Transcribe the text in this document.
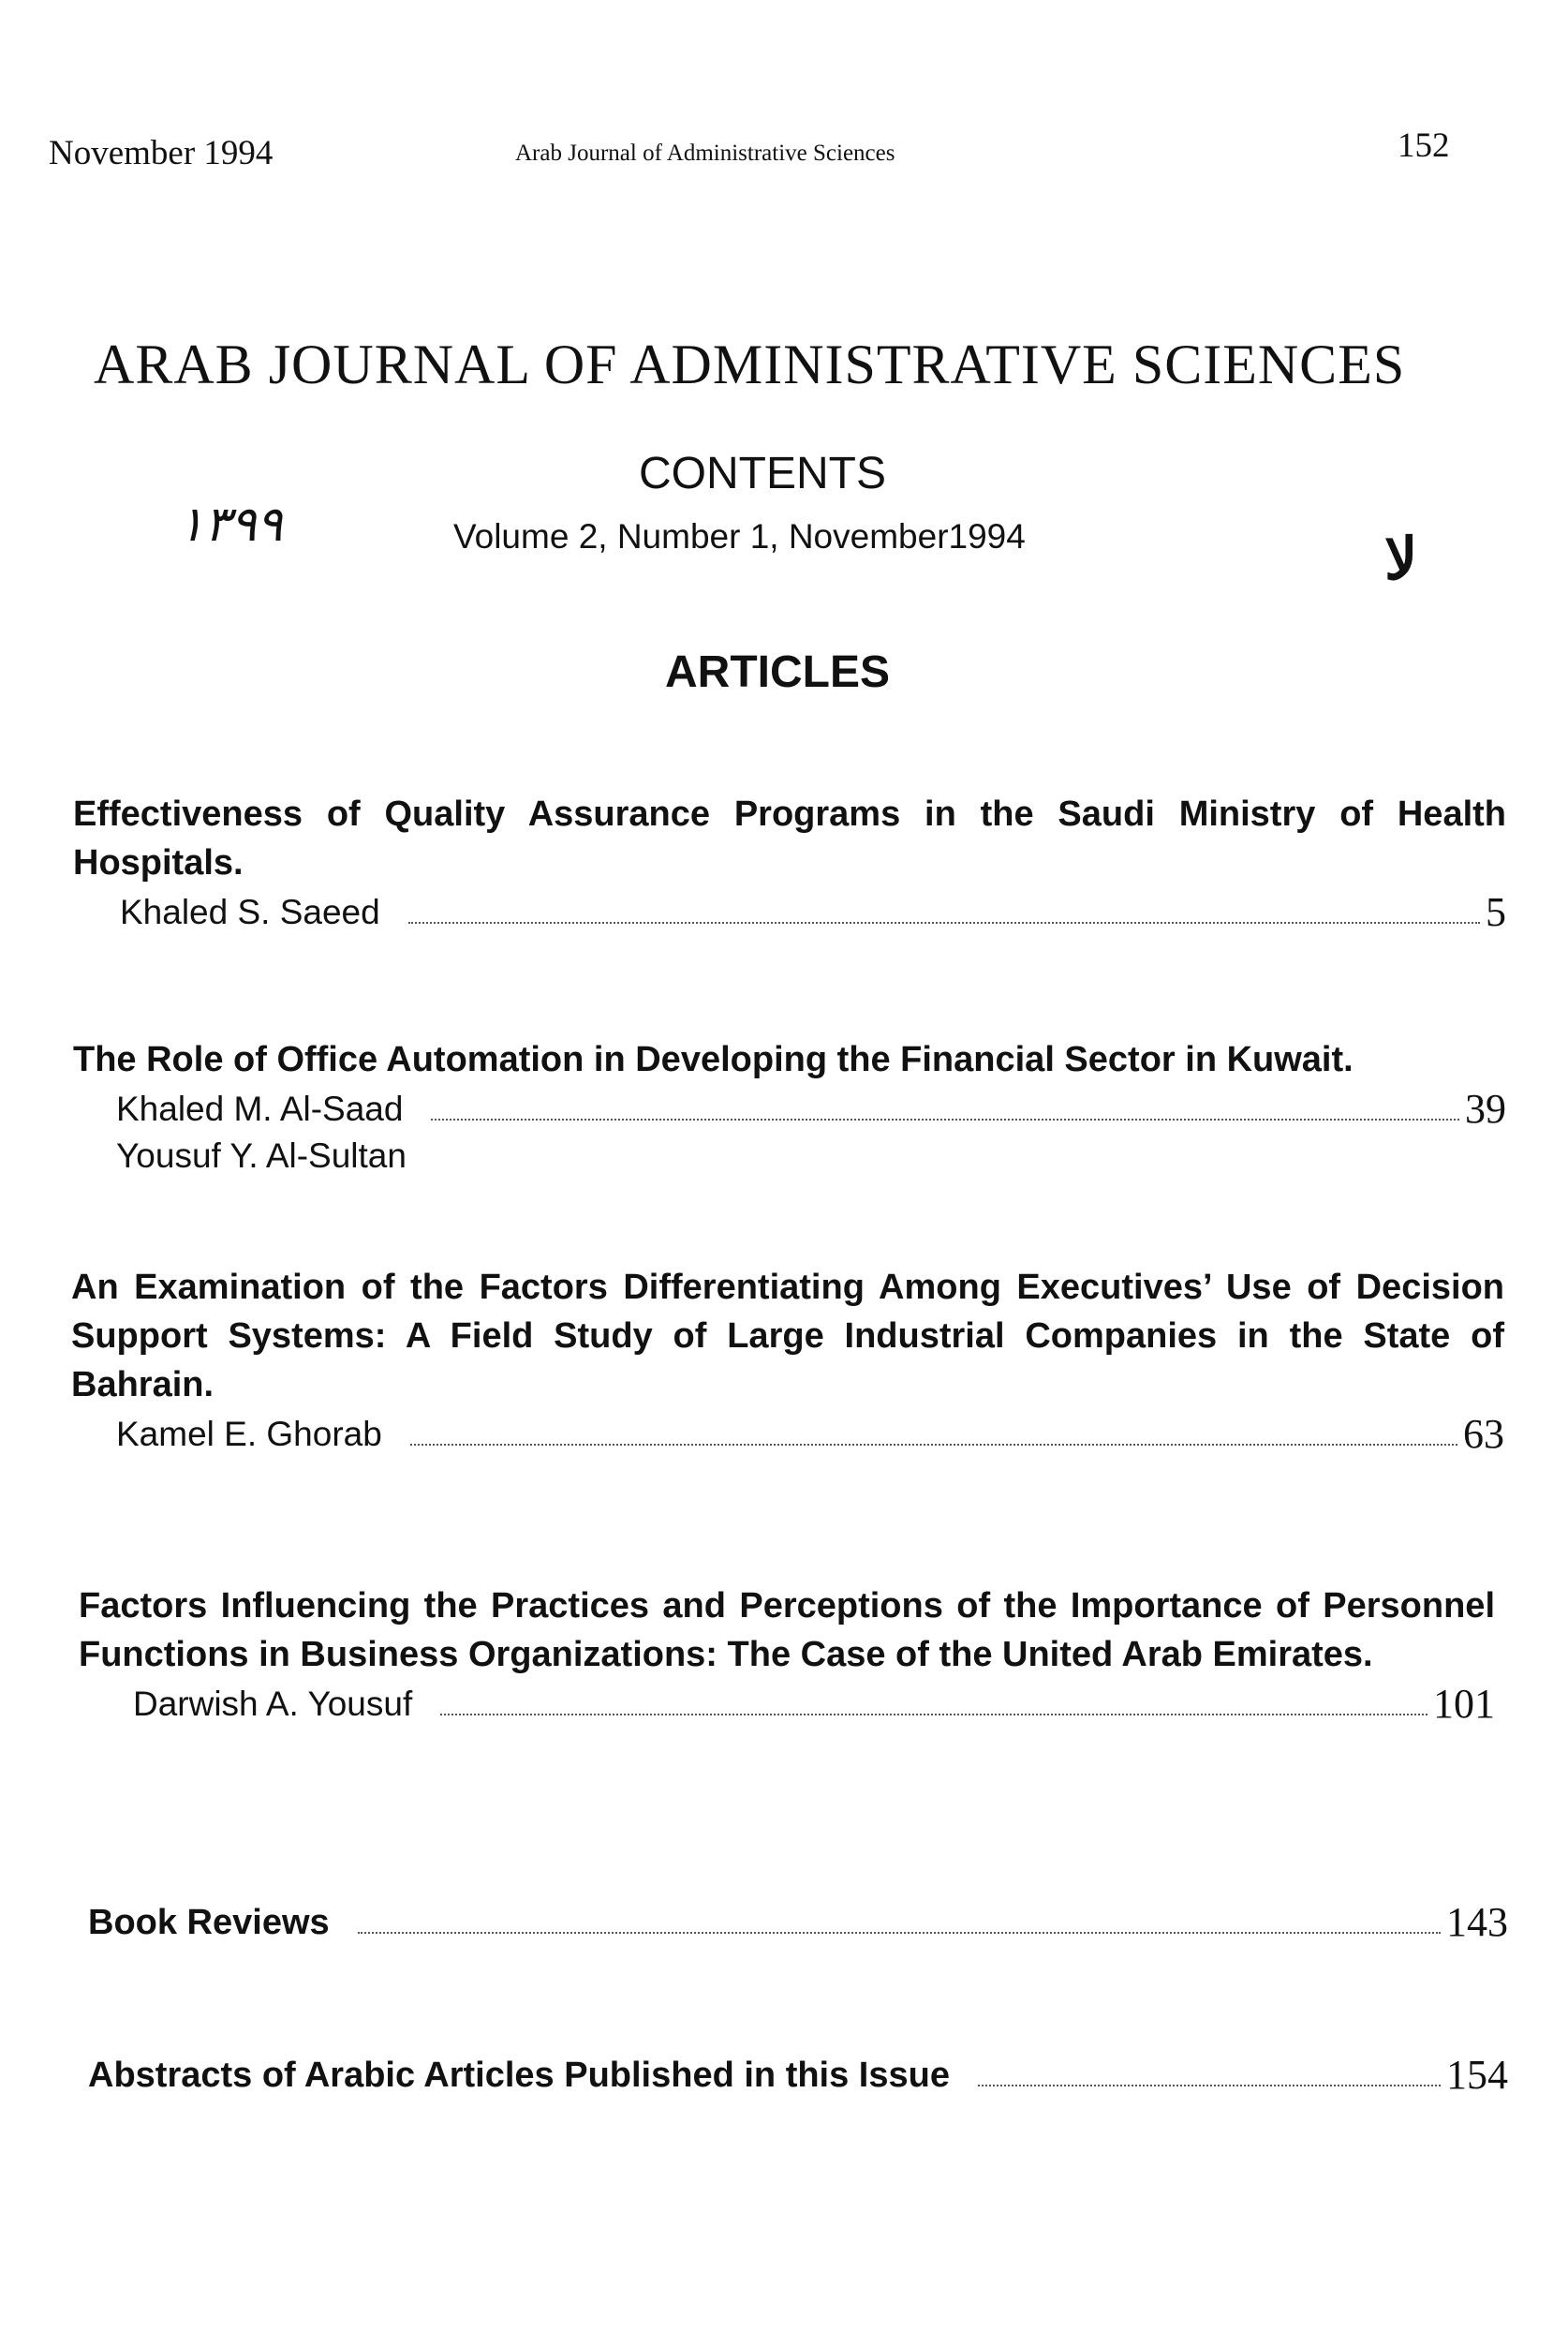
November 1994	Arab Journal of Administrative Sciences	152
ARAB JOURNAL OF ADMINISTRATIVE SCIENCES
CONTENTS
Volume 2, Number 1, November1994
١٣٩٩
لا
ARTICLES

Effectiveness of Quality Assurance Programs in the Saudi Ministry of Health Hospitals.

Khaled S. Saeed	5

The Role of Office Automation in Developing the Financial Sector in Kuwait.

Khaled M. Al-Saad	39
Yousuf Y. Al-Sultan

An Examination of the Factors Differentiating Among Executives’ Use of Decision Support Systems: A Field Study of Large Industrial Companies in the State of Bahrain.

Kamel E. Ghorab	63

Factors Influencing the Practices and Perceptions of the Importance of Personnel Functions in Business Organizations: The Case of the United Arab Emirates.

Darwish A. Yousuf	101
Book Reviews	143
Abstracts of Arabic Articles Published in this Issue	154
